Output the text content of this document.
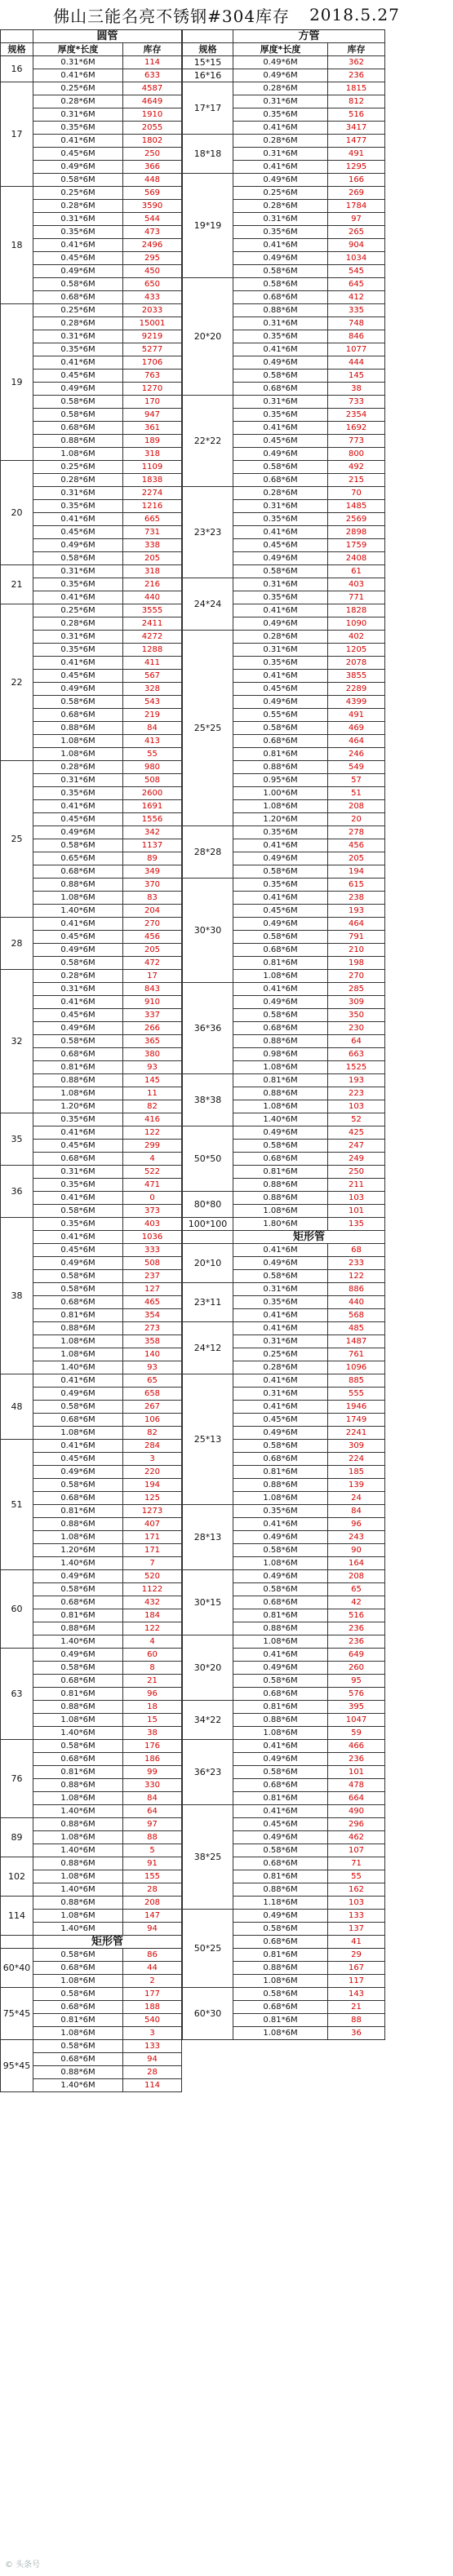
佛山三能名亮不锈钢#304库存 2018.5.27
	圆管	
规格	厚度*长度	库存
16	0.31*6M	114
	0.41*6M	633
17	0.25*6M	4587
	0.28*6M	4649
	0.31*6M	1910
	0.35*6M	2055
	0.41*6M	1802
	0.45*6M	250
	0.49*6M	366
	0.58*6M	448
18	0.25*6M	569
	0.28*6M	3590
	0.31*6M	544
	0.35*6M	473
	0.41*6M	2496
	0.45*6M	295
	0.49*6M	450
	0.58*6M	650
	0.68*6M	433
19	0.25*6M	2033
	0.28*6M	15001
	0.31*6M	9219
	0.35*6M	5277
	0.41*6M	1706
	0.45*6M	763
	0.49*6M	1270
	0.58*6M	170
	0.58*6M	947
	0.68*6M	361
	0.88*6M	189
	1.08*6M	318
20	0.25*6M	1109
	0.28*6M	1838
	0.31*6M	2274
	0.35*6M	1216
	0.41*6M	665
	0.45*6M	731
	0.49*6M	338
	0.58*6M	205
21	0.31*6M	318
	0.35*6M	216
	0.41*6M	440
22	0.25*6M	3555
	0.28*6M	2411
	0.31*6M	4272
	0.35*6M	1288
	0.41*6M	411
	0.45*6M	567
	0.49*6M	328
	0.58*6M	543
	0.68*6M	219
	0.88*6M	84
	1.08*6M	413
	1.08*6M	55
25	0.28*6M	980
	0.31*6M	508
	0.35*6M	2600
	0.41*6M	1691
	0.45*6M	1556
	0.49*6M	342
	0.58*6M	1137
	0.65*6M	89
	0.68*6M	349
	0.88*6M	370
	1.08*6M	83
	1.40*6M	204
28	0.41*6M	270
	0.45*6M	456
	0.49*6M	205
	0.58*6M	472
32	0.28*6M	17
	0.31*6M	843
	0.41*6M	910
	0.45*6M	337
	0.49*6M	266
	0.58*6M	365
	0.68*6M	380
	0.81*6M	93
	0.88*6M	145
	1.08*6M	11
	1.20*6M	82
35	0.35*6M	416
	0.41*6M	122
	0.45*6M	299
	0.68*6M	4
36	0.31*6M	522
	0.35*6M	471
	0.41*6M	0
	0.58*6M	373
38	0.35*6M	403
	0.41*6M	1036
	0.45*6M	333
	0.49*6M	508
	0.58*6M	237
	0.58*6M	127
	0.68*6M	465
	0.81*6M	354
	0.88*6M	273
	1.08*6M	358
	1.08*6M	140
	1.40*6M	93
48	0.41*6M	65
	0.49*6M	658
	0.58*6M	267
	0.68*6M	106
	1.08*6M	82
51	0.41*6M	284
	0.45*6M	3
	0.49*6M	220
	0.58*6M	194
	0.68*6M	125
	0.81*6M	1273
	0.88*6M	407
	1.08*6M	171
	1.20*6M	171
	1.40*6M	7
60	0.49*6M	520
	0.58*6M	1122
	0.68*6M	432
	0.81*6M	184
	0.88*6M	122
	1.40*6M	4
63	0.49*6M	60
	0.58*6M	8
	0.68*6M	21
	0.81*6M	96
	0.88*6M	18
	1.08*6M	15
	1.40*6M	38
76	0.58*6M	176
	0.68*6M	186
	0.81*6M	99
	0.88*6M	330
	1.08*6M	84
	1.40*6M	64
89	0.88*6M	97
	1.08*6M	88
	1.40*6M	5
102	0.88*6M	91
	1.08*6M	155
	1.40*6M	28
114	0.88*6M	208
	1.08*6M	147
	1.40*6M	94
	矩形管	
60*40	0.58*6M	86
	0.68*6M	44
	1.08*6M	2
75*45	0.58*6M	177
	0.68*6M	188
	0.81*6M	540
	1.08*6M	3
95*45	0.58*6M	133
	0.68*6M	94
	0.88*6M	28
	1.40*6M	114
	方管	
规格	厚度*长度	库存
15*15	0.49*6M	362
16*16	0.49*6M	236
17*17	0.28*6M	1815
	0.31*6M	812
	0.35*6M	516
	0.41*6M	3417
18*18	0.28*6M	1477
	0.31*6M	491
	0.41*6M	1295
19*19	0.49*6M	166
	0.25*6M	269
	0.28*6M	1784
	0.31*6M	97
	0.35*6M	265
	0.41*6M	904
	0.49*6M	1034
	0.58*6M	545
20*20	0.58*6M	645
	0.68*6M	412
	0.88*6M	335
	0.31*6M	748
	0.35*6M	846
	0.41*6M	1077
	0.49*6M	444
	0.58*6M	145
	0.68*6M	38
22*22	0.31*6M	733
	0.35*6M	2354
	0.41*6M	1692
	0.45*6M	773
	0.49*6M	800
	0.58*6M	492
	0.68*6M	215
23*23	0.28*6M	70
	0.31*6M	1485
	0.35*6M	2569
	0.41*6M	2898
	0.45*6M	1759
	0.49*6M	2408
	0.58*6M	61
24*24	0.31*6M	403
	0.35*6M	771
	0.41*6M	1828
	0.49*6M	1090
25*25	0.28*6M	402
	0.31*6M	1205
	0.35*6M	2078
	0.41*6M	3855
	0.45*6M	2289
	0.49*6M	4399
	0.55*6M	491
	0.58*6M	469
	0.68*6M	464
	0.81*6M	246
	0.88*6M	549
	0.95*6M	57
	1.00*6M	51
	1.08*6M	208
	1.20*6M	20
28*28	0.35*6M	278
	0.41*6M	456
	0.49*6M	205
	0.58*6M	194
30*30	0.35*6M	615
	0.41*6M	238
	0.45*6M	193
	0.49*6M	464
	0.58*6M	791
	0.68*6M	210
	0.81*6M	198
	1.08*6M	270
36*36	0.41*6M	285
	0.49*6M	309
	0.58*6M	350
	0.68*6M	230
	0.88*6M	64
	0.98*6M	663
	1.08*6M	1525
38*38	0.81*6M	193
	0.88*6M	223
	1.08*6M	103
	1.40*6M	52
50*50	0.49*6M	425
	0.58*6M	247
	0.68*6M	249
	0.81*6M	250
	0.88*6M	211
80*80	0.88*6M	103
	1.08*6M	101
100*100	1.80*6M	135
	矩形管	
20*10	0.41*6M	68
	0.49*6M	233
	0.58*6M	122
23*11	0.31*6M	886
	0.35*6M	440
	0.41*6M	568
24*12	0.41*6M	485
	0.31*6M	1487
	0.25*6M	761
	0.28*6M	1096
25*13	0.41*6M	885
	0.31*6M	555
	0.41*6M	1946
	0.45*6M	1749
	0.49*6M	2241
	0.58*6M	309
	0.68*6M	224
	0.81*6M	185
	0.88*6M	139
	1.08*6M	24
28*13	0.35*6M	84
	0.41*6M	96
	0.49*6M	243
	0.58*6M	90
	1.08*6M	164
30*15	0.49*6M	208
	0.58*6M	65
	0.68*6M	42
	0.81*6M	516
	0.88*6M	236
30*20	1.08*6M	236
	0.41*6M	649
	0.49*6M	260
	0.58*6M	95
	0.68*6M	576
34*22	0.81*6M	395
	0.88*6M	1047
	1.08*6M	59
36*23	0.41*6M	466
	0.49*6M	236
	0.58*6M	101
	0.68*6M	478
	0.81*6M	664
38*25	0.41*6M	490
	0.45*6M	296
	0.49*6M	462
	0.58*6M	107
	0.68*6M	71
	0.81*6M	55
	0.88*6M	162
	1.18*6M	103
50*25	0.49*6M	133
	0.58*6M	137
	0.68*6M	41
	0.81*6M	29
	0.88*6M	167
	1.08*6M	117
60*30	0.58*6M	143
	0.68*6M	21
	0.81*6M	88
	1.08*6M	36
© 头条号
